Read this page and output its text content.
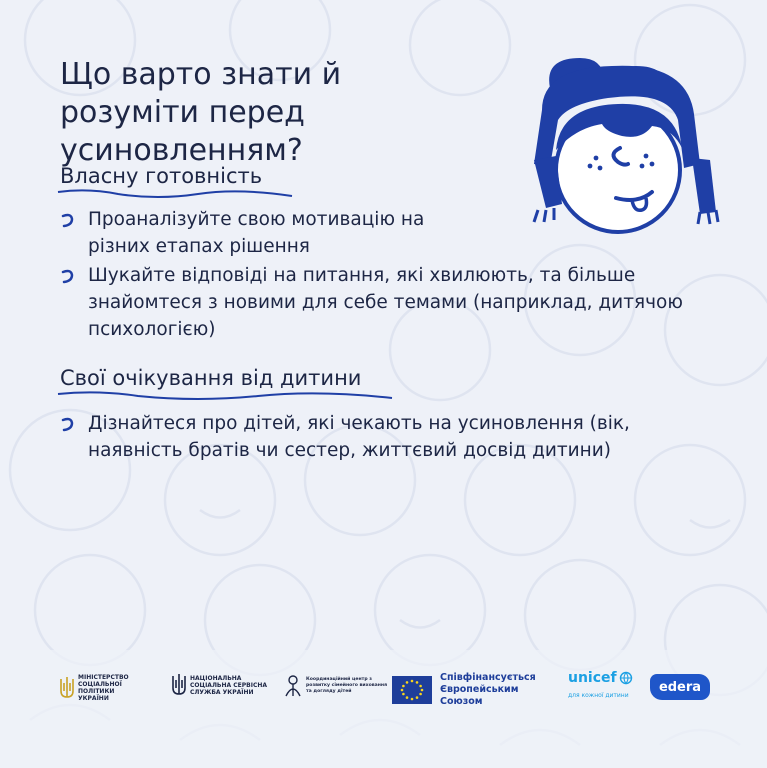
Що варто знати й розуміти перед усиновленням?
Власну готовність
Проаналізуйте свою мотивацію на різних етапах рішення
Шукайте відповіді на питання, які хвилюють, та більше знайомтеся з новими для себе темами (наприклад, дитячою психологією)
Свої очікування від дитини
Дізнайтеся про дітей, які чекають на усиновлення (вік, наявність братів чи сестер, життєвий досвід дитини)
МІНІСТЕРСТВО СОЦІАЛЬНОЇ ПОЛІТИКИ УКРАЇНИ
НАЦІОНАЛЬНА СОЦІАЛЬНА СЕРВІСНА СЛУЖБА УКРАЇНИ
Координаційний центр з розвитку сімейного виховання та догляду дітей
Співфінансується Європейським Союзом
unicef
для кожної дитини
edera
